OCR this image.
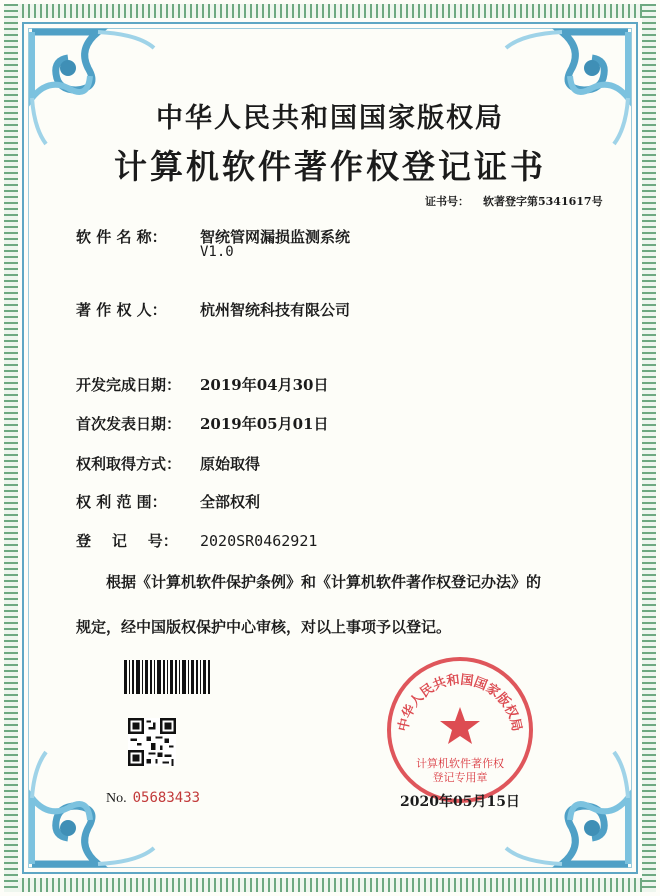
中华人民共和国国家版权局
计算机软件著作权登记证书
证书号： 软著登字第5341617号
软 件 名 称： 智统管网漏损监测系统
V1.0
著 作 权 人： 杭州智统科技有限公司
开发完成日期： 2019年04月30日
首次发表日期： 2019年05月01日
权利取得方式： 原始取得
权 利 范 围： 全部权利
登    记    号： 2020SR0462921
根据《计算机软件保护条例》和《计算机软件著作权登记办法》的
规定，经中国版权保护中心审核，对以上事项予以登记。
No. 05683433
中华人民共和国国家版权局
计算机软件著作权
登记专用章
2020年05月15日
